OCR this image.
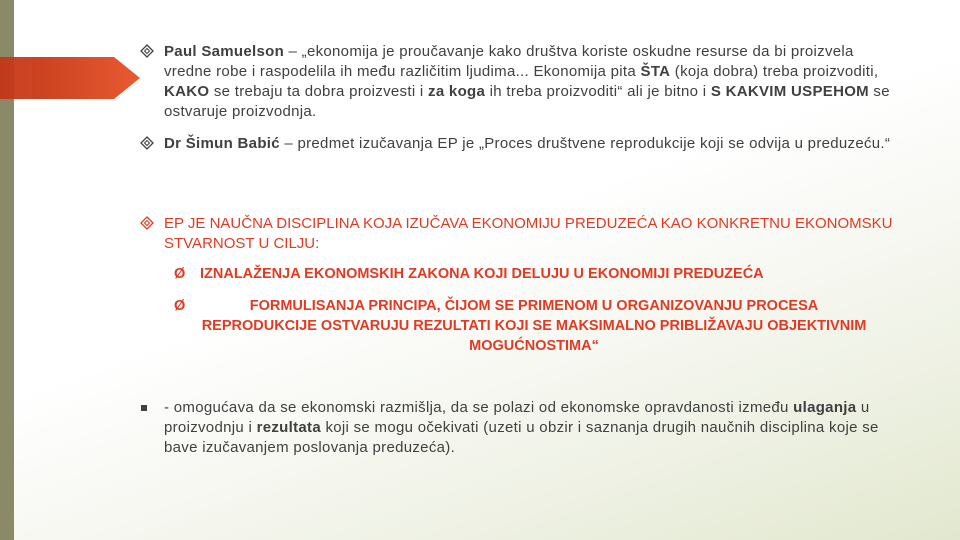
Paul Samuelson – „ekonomija je proučavanje kako društva koriste oskudne resurse da bi proizvela vredne robe i raspodelila ih među različitim ljudima... Ekonomija pita ŠTA (koja dobra) treba proizvoditi, KAKO se trebaju ta dobra proizvesti i za koga ih treba proizvoditi“ ali je bitno i S KAKVIM USPEHOM se ostvaruje proizvodnja.
Dr Šimun Babić – predmet izučavanja EP je „Proces društvene reprodukcije koji se odvija u preduzeću.“
EP JE NAUČNA DISCIPLINA KOJA IZUČAVA EKONOMIJU PREDUZEĆA KAO KONKRETNU EKONOMSKU STVARNOST U CILJU:
Ø	IZNALAŽENJA EKONOMSKIH ZAKONA KOJI DELUJU U EKONOMIJI PREDUZEĆA
Ø	FORMULISANJA PRINCIPA, ČIJOM SE PRIMENOM U ORGANIZOVANJU PROCESA REPRODUKCIJE OSTVARUJU REZULTATI KOJI SE MAKSIMALNO PRIBLIŽAVAJU OBJEKTIVNIM MOGUĆNOSTIMA“
- omogućava da se ekonomski razmišlja, da se polazi od ekonomske opravdanosti između ulaganja u proizvodnju i rezultata koji se mogu očekivati (uzeti u obzir i saznanja drugih naučnih disciplina koje se bave izučavanjem poslovanja preduzeća).
